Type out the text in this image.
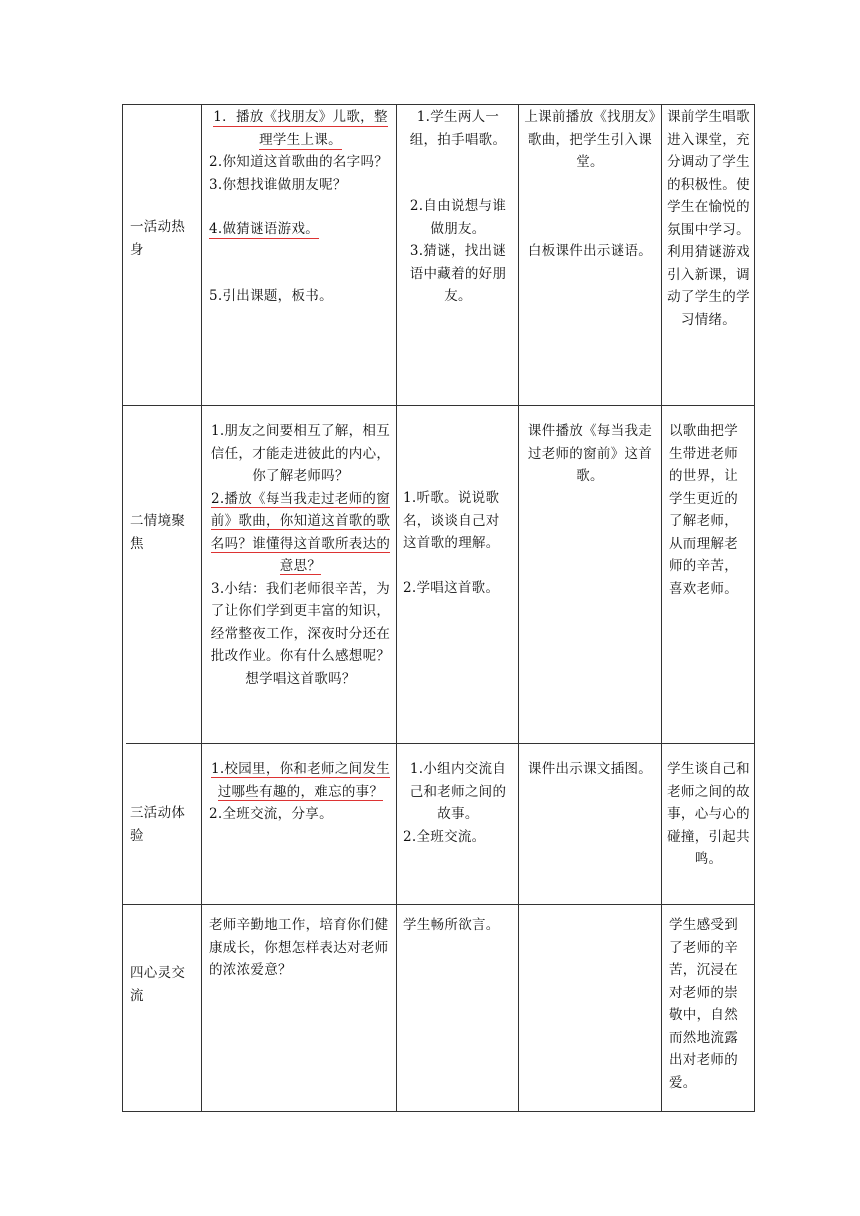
一活动热身

1．播放《找朋友》儿歌，整理学生上课。

2.你知道这首歌曲的名字吗？

3.你想找谁做朋友呢？

4.做猜谜语游戏。

5.引出课题，板书。

1.学生两人一组，拍手唱歌。

2.自由说想与谁做朋友。

3.猜谜，找出谜语中藏着的好朋友。

上课前播放《找朋友》歌曲，把学生引入课堂。

白板课件出示谜语。

课前学生唱歌进入课堂，充分调动了学生的积极性。使学生在愉悦的氛围中学习。利用猜谜游戏引入新课，调动了学生的学习情绪。

二情境聚焦

1.朋友之间要相互了解，相互信任，才能走进彼此的内心，你了解老师吗？

2.播放《每当我走过老师的窗前》歌曲，你知道这首歌的歌名吗？谁懂得这首歌所表达的意思？

3.小结：我们老师很辛苦，为了让你们学到更丰富的知识，经常整夜工作，深夜时分还在批改作业。你有什么感想呢？想学唱这首歌吗？

1.听歌。说说歌名，谈谈自己对这首歌的理解。

2.学唱这首歌。

课件播放《每当我走过老师的窗前》这首歌。

以歌曲把学生带进老师的世界，让学生更近的了解老师，从而理解老师的辛苦，喜欢老师。

三活动体验

1.校园里，你和老师之间发生过哪些有趣的，难忘的事？

2.全班交流，分享。

1.小组内交流自己和老师之间的故事。

2.全班交流。

课件出示课文插图。 学生谈自己和老师之间的故事，心与心的碰撞，引起共鸣。

四心灵交流

老师辛勤地工作，培育你们健康成长，你想怎样表达对老师的浓浓爱意？

学生畅所欲言。	学生感受到了老师的辛苦，沉浸在对老师的崇敬中，自然而然地流露出对老师的爱。
